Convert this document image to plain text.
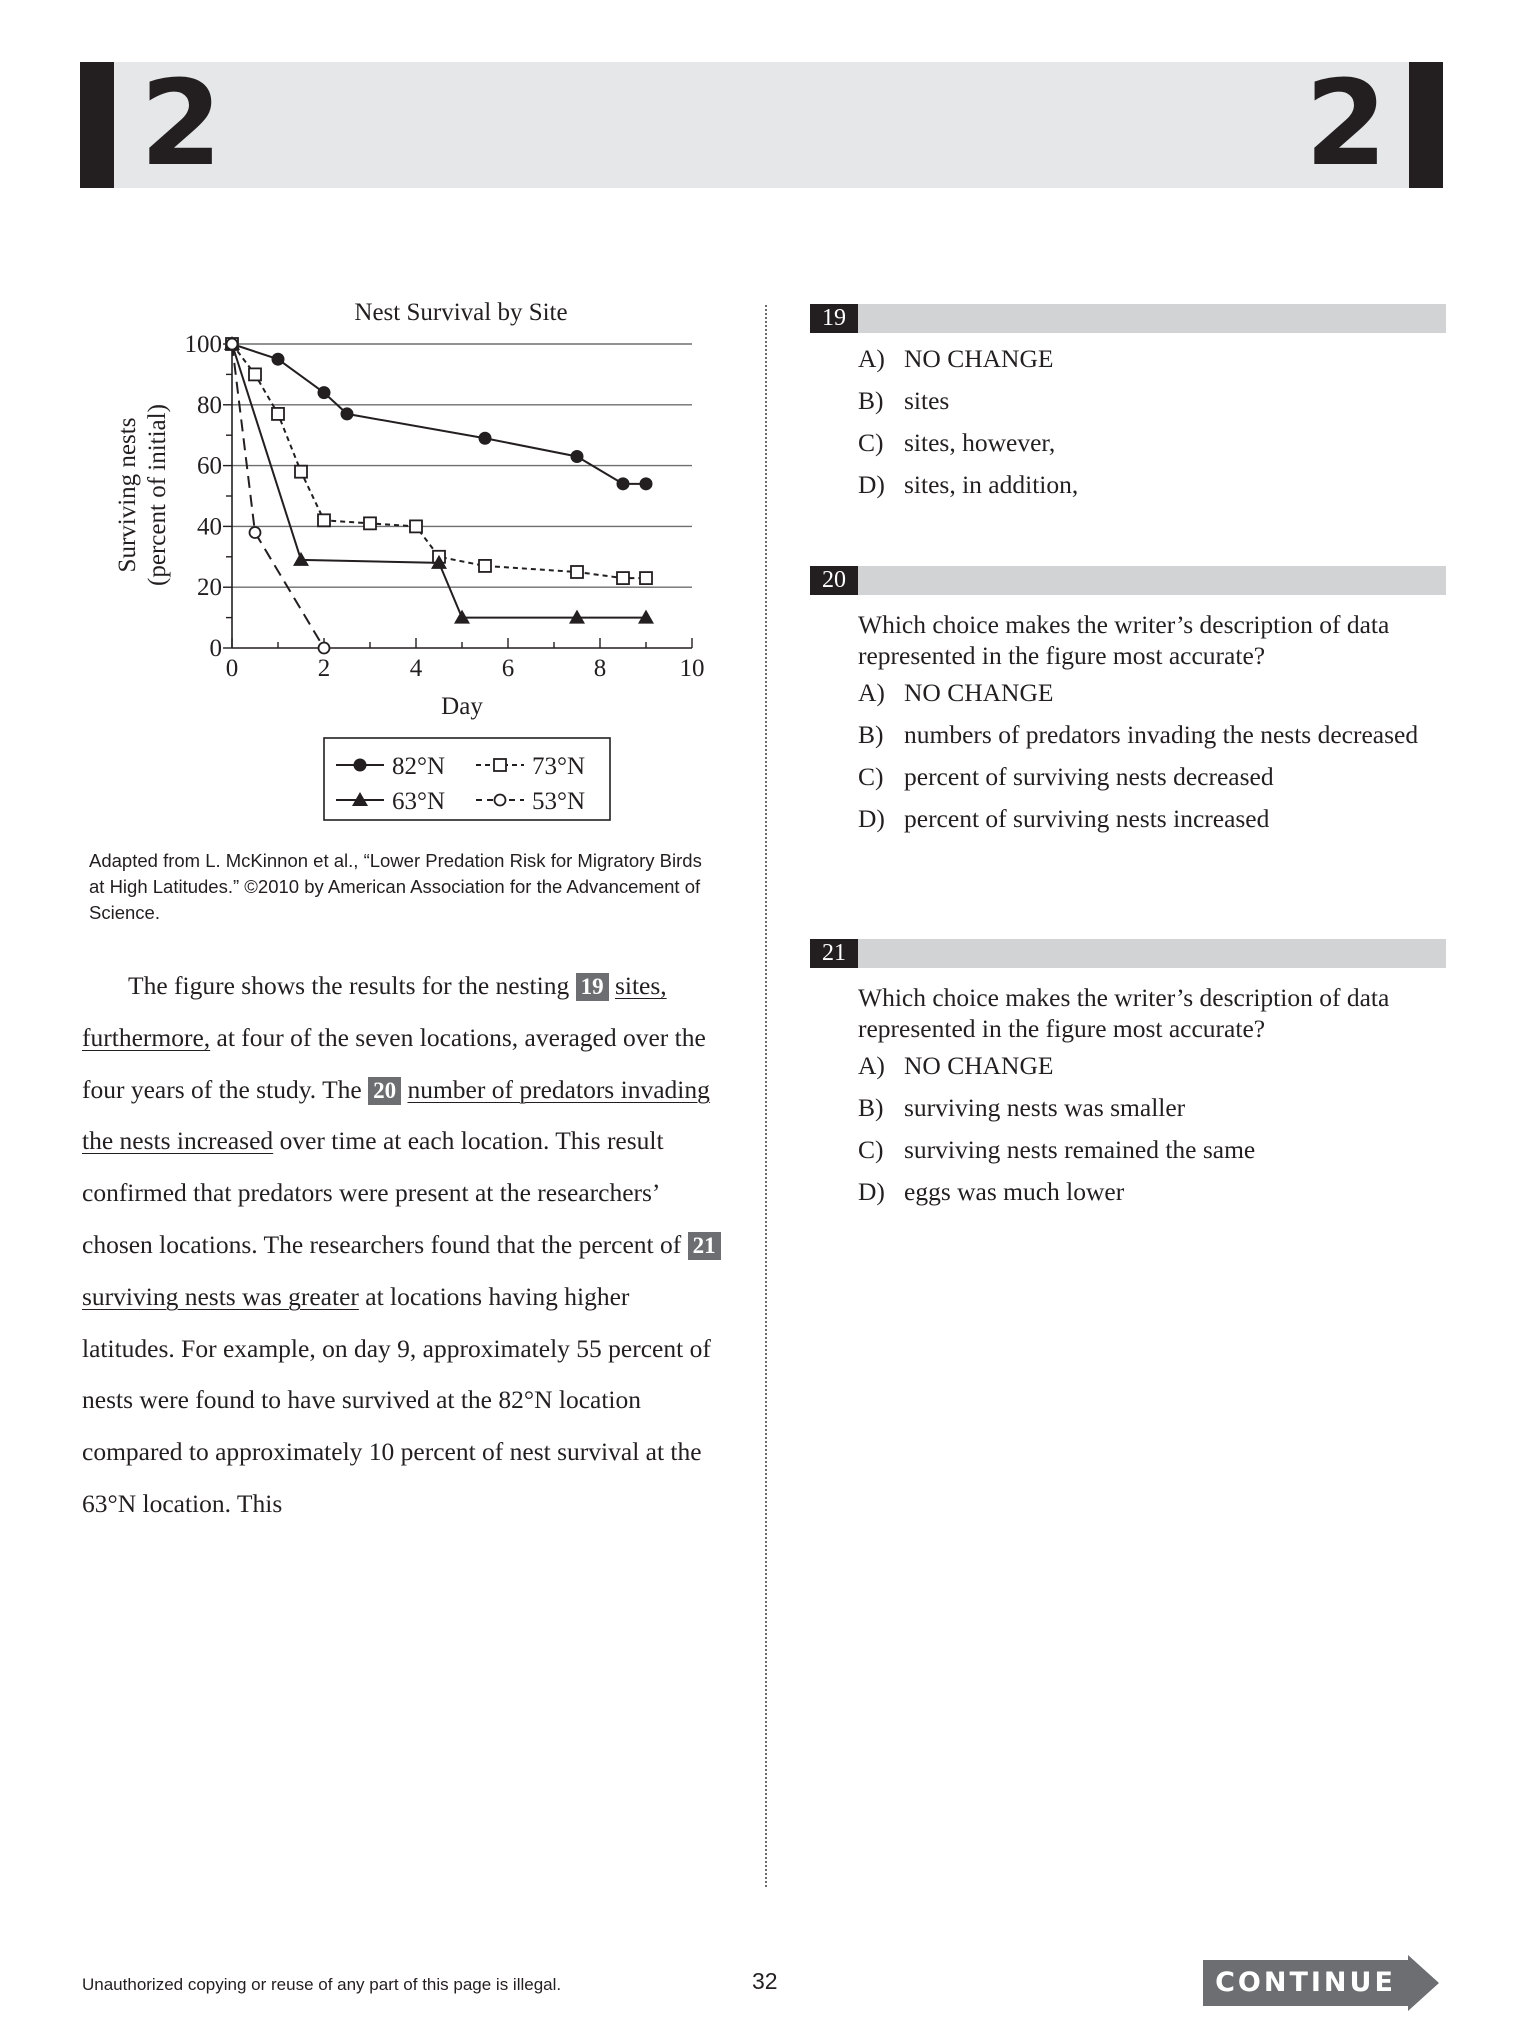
2	2
Nest Survival by Site
Surviving nests (percent of initial)
Day
0
20
40
60
80
100
0	2	4	6	8	10
82°N	73°N
63°N	53°N
Adapted from L. McKinnon et al., “Lower Predation Risk for Migratory Birds at High Latitudes.” ©2010 by American Association for the Advancement of Science.

The figure shows the results for the nesting 19 sites, furthermore, at four of the seven locations, averaged over the four years of the study. The 20 number of predators invading the nests increased over time at each location. This result confirmed that predators were present at the researchers’ chosen locations. The researchers found that the percent of 21 surviving nests was greater at locations having higher latitudes. For example, on day 9, approximately 55 percent of nests were found to have survived at the 82°N location compared to approximately 10 percent of nest survival at the 63°N location. This

19
A) NO CHANGE
B) sites
C) sites, however,
D) sites, in addition,
20
Which choice makes the writer’s description of data represented in the figure most accurate?
A) NO CHANGE
B) numbers of predators invading the nests decreased
C) percent of surviving nests decreased
D) percent of surviving nests increased
21
Which choice makes the writer’s description of data represented in the figure most accurate?
A) NO CHANGE
B) surviving nests was smaller
C) surviving nests remained the same
D) eggs was much lower
Unauthorized copying or reuse of any part of this page is illegal.	32	CONTINUE
